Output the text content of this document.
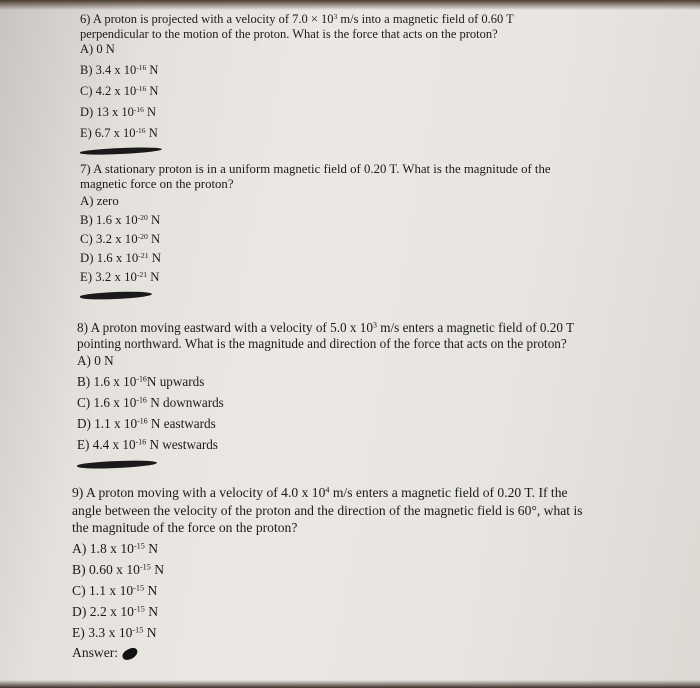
6) A proton is projected with a velocity of $7.0 \times 10^3$ m/s into a magnetic field of 0.60 T
perpendicular to the motion of the proton. What is the force that acts on the proton?
A) 0 N
B) 3.4 x $10^{-16}$ N
C) 4.2 x $10^{-16}$ N
D) 13 x $10^{-16}$ N
E) 6.7 x $10^{-16}$ N
7) A stationary proton is in a uniform magnetic field of 0.20 T. What is the magnitude of the
magnetic force on the proton?
A) zero
B) 1.6 x $10^{-20}$ N
C) 3.2 x $10^{-20}$ N
D) 1.6 x $10^{-21}$ N
E) 3.2 x $10^{-21}$ N
8) A proton moving eastward with a velocity of 5.0 x $10^3$ m/s enters a magnetic field of 0.20 T
pointing northward. What is the magnitude and direction of the force that acts on the proton?
A) 0 N
B) 1.6 x $10^{-16}N$ upwards
C) 1.6 x $10^{-16}$ N downwards
D) 1.1 x $10^{-16}$ N eastwards
E) 4.4 x $10^{-16}$ N westwards
9) A proton moving with a velocity of 4.0 x $10^4$ m/s enters a magnetic field of 0.20 T. If the
angle between the velocity of the proton and the direction of the magnetic field is 60°, what is
the magnitude of the force on the proton?
A) 1.8 x $10^{-15}$ N
B) 0.60 x $10^{-15}$ N
C) 1.1 x $10^{-15}$ N
D) 2.2 x $10^{-15}$ N
E) 3.3 x $10^{-15}$ N
Answer:
